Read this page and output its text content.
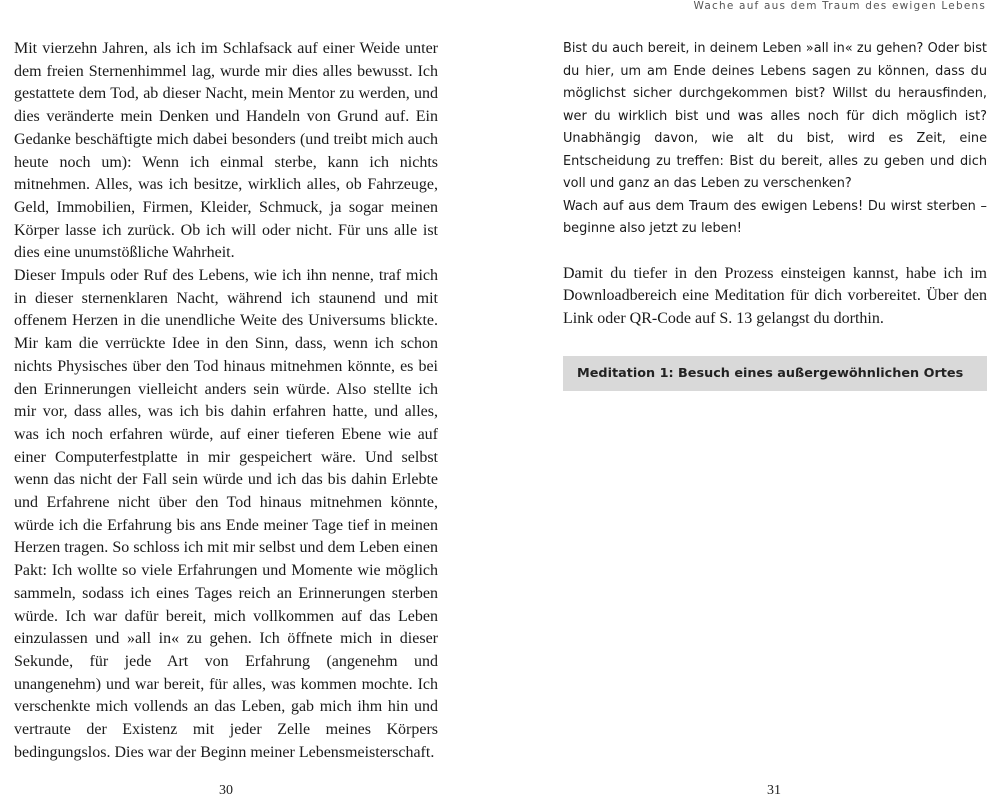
Wache auf aus dem Traum des ewigen Lebens

Mit vierzehn Jahren, als ich im Schlafsack auf einer Weide unter dem freien Sternenhimmel lag, wurde mir dies alles bewusst. Ich gestattete dem Tod, ab dieser Nacht, mein Mentor zu werden, und dies veränderte mein Denken und Handeln von Grund auf. Ein Gedanke beschäftigte mich dabei besonders (und treibt mich auch heute noch um): Wenn ich einmal sterbe, kann ich nichts mitnehmen. Alles, was ich besitze, wirklich alles, ob Fahrzeuge, Geld, Immobilien, Firmen, Kleider, Schmuck, ja sogar meinen Körper lasse ich zurück. Ob ich will oder nicht. Für uns alle ist dies eine unumstößliche Wahrheit.

Dieser Impuls oder Ruf des Lebens, wie ich ihn nenne, traf mich in dieser sternenklaren Nacht, während ich staunend und mit offenem Herzen in die unendliche Weite des Universums blickte. Mir kam die verrückte Idee in den Sinn, dass, wenn ich schon nichts Physisches über den Tod hinaus mitnehmen könnte, es bei den Erinnerungen vielleicht anders sein würde. Also stellte ich mir vor, dass alles, was ich bis dahin erfahren hatte, und alles, was ich noch erfahren würde, auf einer tieferen Ebene wie auf einer Computerfestplatte in mir gespeichert wäre. Und selbst wenn das nicht der Fall sein würde und ich das bis dahin Erlebte und Erfahrene nicht über den Tod hinaus mitnehmen könnte, würde ich die Erfahrung bis ans Ende meiner Tage tief in meinen Herzen tragen. So schloss ich mit mir selbst und dem Leben einen Pakt: Ich wollte so viele Erfahrungen und Momente wie möglich sammeln, sodass ich eines Tages reich an Erinnerungen sterben würde. Ich war dafür bereit, mich vollkommen auf das Leben einzulassen und »all in« zu gehen. Ich öffnete mich in dieser Sekunde, für jede Art von Erfahrung (angenehm und unangenehm) und war bereit, für alles, was kommen mochte. Ich verschenkte mich vollends an das Leben, gab mich ihm hin und vertraute der Existenz mit jeder Zelle meines Körpers bedingungslos. Dies war der Beginn meiner Lebensmeisterschaft.

Bist du auch bereit, in deinem Leben »all in« zu gehen? Oder bist du hier, um am Ende deines Lebens sagen zu können, dass du möglichst sicher durchgekommen bist? Willst du herausfinden, wer du wirklich bist und was alles noch für dich möglich ist? Unabhängig davon, wie alt du bist, wird es Zeit, eine Entscheidung zu treffen: Bist du bereit, alles zu geben und dich voll und ganz an das Leben zu verschenken?

Wach auf aus dem Traum des ewigen Lebens! Du wirst sterben – beginne also jetzt zu leben!

Damit du tiefer in den Prozess einsteigen kannst, habe ich im Downloadbereich eine Meditation für dich vorbereitet. Über den Link oder QR-Code auf S. 13 gelangst du dorthin.

Meditation 1: Besuch eines außergewöhnlichen Ortes
30	31
